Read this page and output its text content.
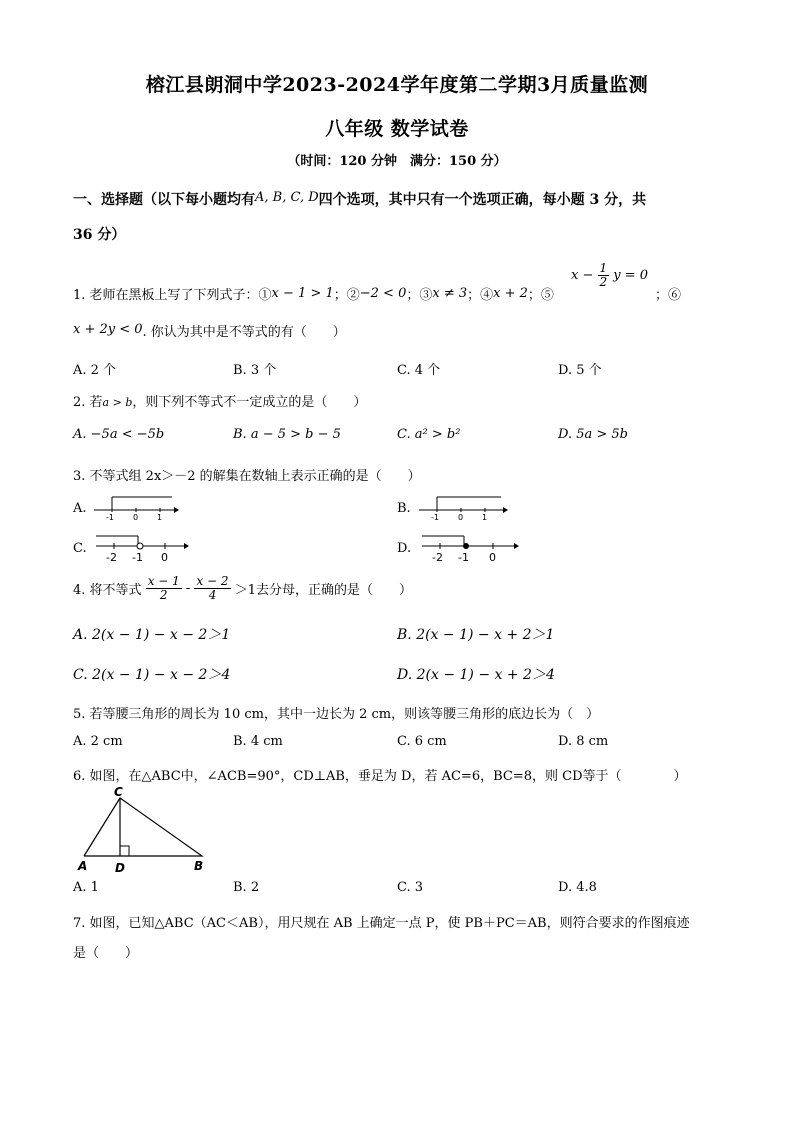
榕江县朗洞中学2023-2024学年度第二学期3月质量监测
八年级 数学试卷
（时间：120 分钟　满分：150 分）
一、选择题（以下每小题均有A, B, C, D四个选项，其中只有一个选项正确，每小题 3 分，共
36 分）
1. 老师在黑板上写了下列式子：①x − 1 > 1；②−2 < 0；③x ≠ 3；④x + 2；⑤
$x - \frac{1}{2}$ y = 0
；⑥
x + 2y < 0. 你认为其中是不等式的有（　　）
A. 2 个	B. 3 个	C. 4 个	D. 5 个
2. 若a > b，则下列不等式不一定成立的是（　　）
A. −5a < −5b	B. a − 5 > b − 5	C. a² > b²	D. 5a > 5b
3. 不等式组 2x＞－2 的解集在数轴上表示正确的是（　　）
A.
-1 0 1
B.
-1 0 1
C.
-2 -1 0
D.
-2 -1 0
4. 将不等式 $\frac{x - 1}{2} - \frac{x - 2}{4} >1$去分母，正确的是（　　）
A. 2(x − 1) − x − 2＞1	B. 2(x − 1) − x + 2＞1
C. 2(x − 1) − x − 2＞4	D. 2(x − 1) − x + 2＞4
5. 若等腰三角形的周长为 10 cm，其中一边长为 2 cm，则该等腰三角形的底边长为（　）
A. 2 cm	B. 4 cm	C. 6 cm	D. 8 cm
6. 如图，在△ABC中，∠ACB=90°，CD⊥AB，垂足为 D，若 AC=6，BC=8，则 CD等于（　　　　）
C
A D	B
A. 1	B. 2	C. 3	D. 4.8
7. 如图，已知△ABC（AC＜AB），用尺规在 AB 上确定一点 P，使 PB＋PC＝AB，则符合要求的作图痕迹
是（　　）
